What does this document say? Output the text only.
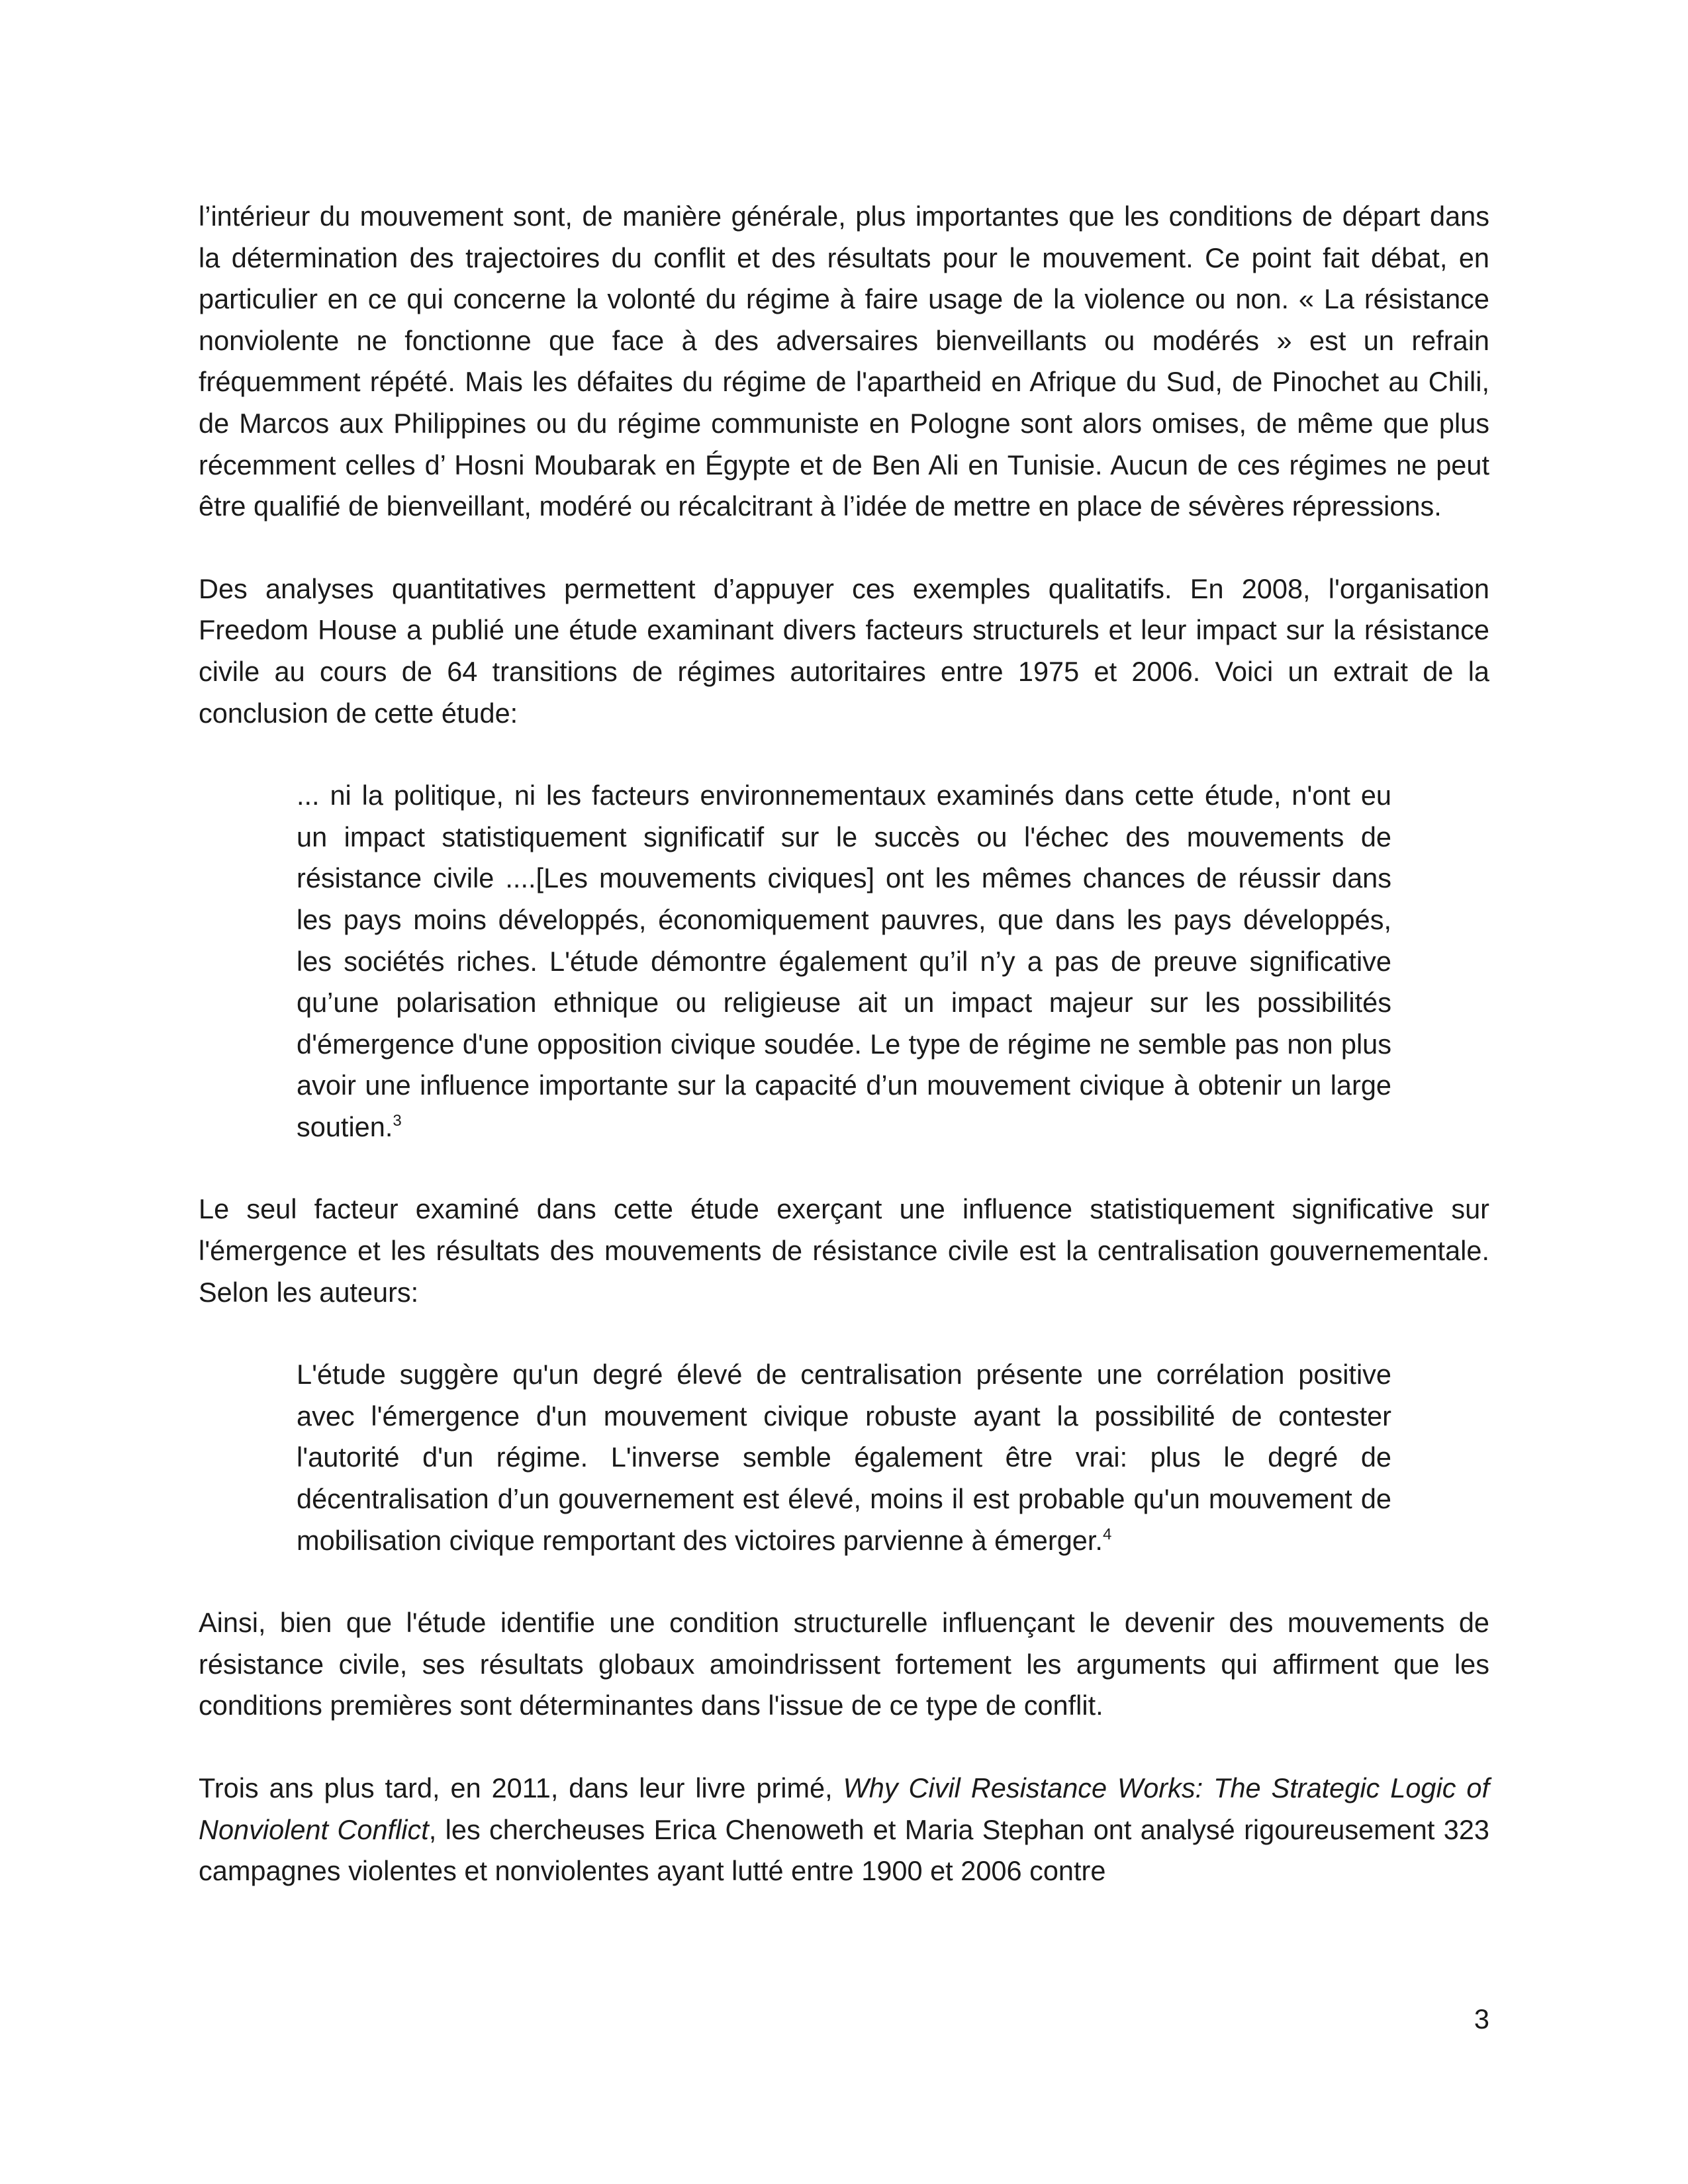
l’intérieur du mouvement sont, de manière générale, plus importantes que les conditions de départ dans la détermination des trajectoires du conflit et des résultats pour le mouvement. Ce point fait débat, en particulier en ce qui concerne la volonté du régime à faire usage de la violence ou non. « La résistance nonviolente ne fonctionne que face à des adversaires bienveillants ou modérés » est un refrain fréquemment répété. Mais les défaites du régime de l'apartheid en Afrique du Sud, de Pinochet au Chili, de Marcos aux Philippines ou du régime communiste en Pologne sont alors omises, de même que plus récemment celles d’ Hosni Moubarak en Égypte et de Ben Ali en Tunisie. Aucun de ces régimes ne peut être qualifié de bienveillant, modéré ou récalcitrant à l’idée de mettre en place de sévères répressions.

Des analyses quantitatives permettent d’appuyer ces exemples qualitatifs. En 2008, l'organisation Freedom House a publié une étude examinant divers facteurs structurels et leur impact sur la résistance civile au cours de 64 transitions de régimes autoritaires entre 1975 et 2006. Voici un extrait de la conclusion de cette étude:

... ni la politique, ni les facteurs environnementaux examinés dans cette étude, n'ont eu un impact statistiquement significatif sur le succès ou l'échec des mouvements de résistance civile ....[Les mouvements civiques] ont les mêmes chances de réussir dans les pays moins développés, économiquement pauvres, que dans les pays développés, les sociétés riches. L'étude démontre également qu’il n’y a pas de preuve significative qu’une polarisation ethnique ou religieuse ait un impact majeur sur les possibilités d'émergence d'une opposition civique soudée. Le type de régime ne semble pas non plus avoir une influence importante sur la capacité d’un mouvement civique à obtenir un large soutien.$^3$

Le seul facteur examiné dans cette étude exerçant une influence statistiquement significative sur l'émergence et les résultats des mouvements de résistance civile est la centralisation gouvernementale. Selon les auteurs:

L'étude suggère qu'un degré élevé de centralisation présente une corrélation positive avec l'émergence d'un mouvement civique robuste ayant la possibilité de contester l'autorité d'un régime. L'inverse semble également être vrai: plus le degré de décentralisation d’un gouvernement est élevé, moins il est probable qu'un mouvement de mobilisation civique remportant des victoires parvienne à émerger.$^4$

Ainsi, bien que l'étude identifie une condition structurelle influençant le devenir des mouvements de résistance civile, ses résultats globaux amoindrissent fortement les arguments qui affirment que les conditions premières sont déterminantes dans l'issue de ce type de conflit.

Trois ans plus tard, en 2011, dans leur livre primé, Why Civil Resistance Works: The Strategic Logic of Nonviolent Conflict, les chercheuses Erica Chenoweth et Maria Stephan ont analysé rigoureusement 323 campagnes violentes et nonviolentes ayant lutté entre 1900 et 2006 contre

3
